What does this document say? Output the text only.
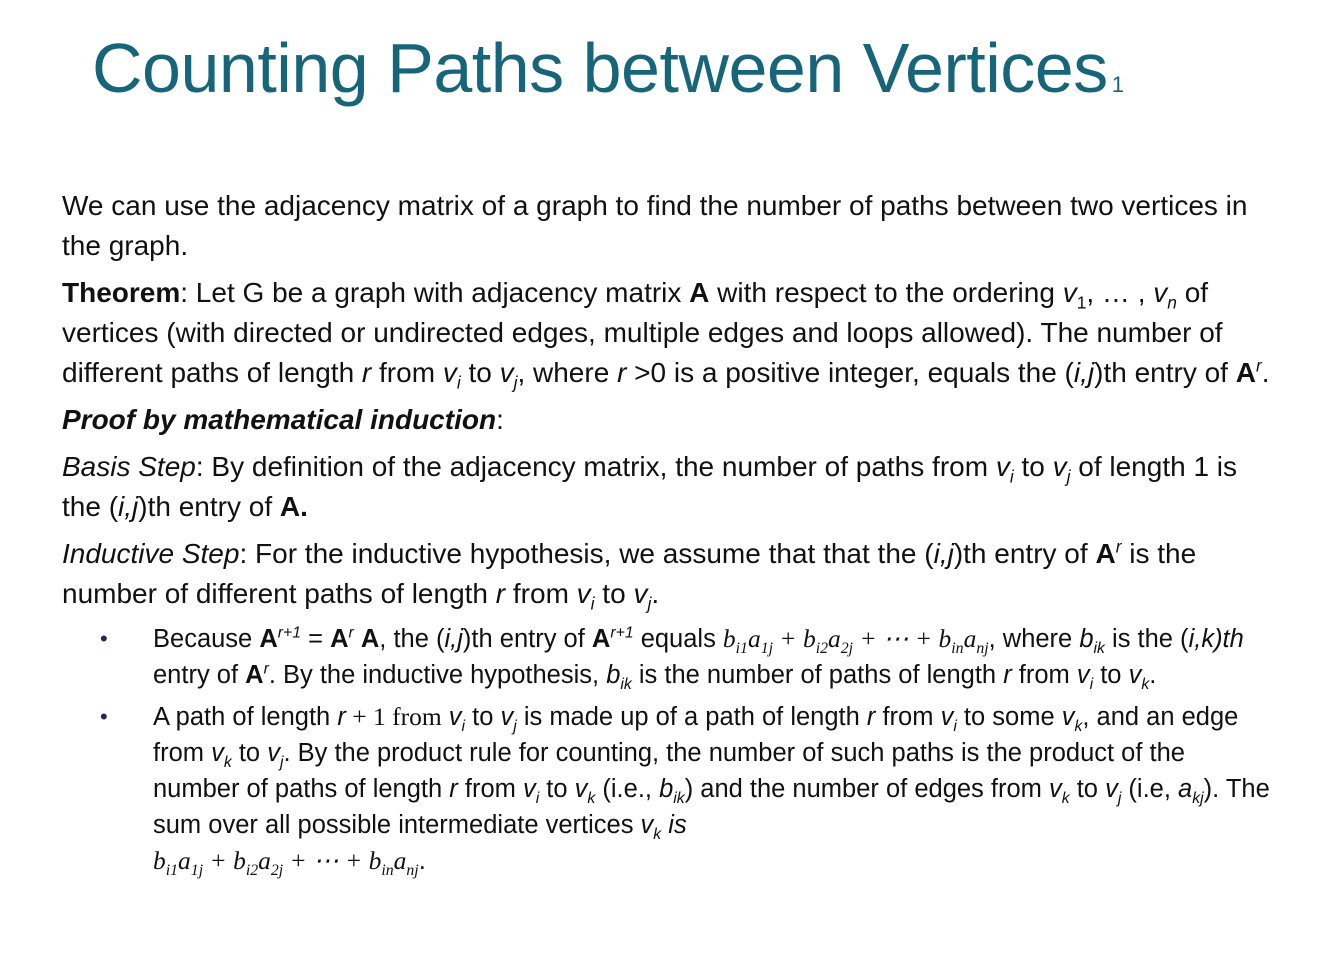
Counting Paths between Vertices 1

We can use the adjacency matrix of a graph to find the number of paths between two vertices in the graph.

Theorem: Let G be a graph with adjacency matrix A with respect to the ordering $v_1$, … , $v_n$ of vertices (with directed or undirected edges, multiple edges and loops allowed). The number of different paths of length r from $v_i$ to $v_j$, where r >0 is a positive integer, equals the (i,j)th entry of $A^r$.

Proof by mathematical induction:

Basis Step: By definition of the adjacency matrix, the number of paths from $v_i$ to $v_j$ of length 1 is the (i,j)th entry of A.

Inductive Step: For the inductive hypothesis, we assume that that the (i,j)th entry of $A^r$ is the number of different paths of length r from $v_i$ to $v_j$.

• Because $A^{r+1} = A^r$ A, the (i,j)th entry of $A^{r+1}$ equals $b_{i1}a_{1j} + b_{i2}a_{2j}$ + ⋯ + $b_{in}a_{nj}$, where $b_{ik}$ is the (i,k)th entry of $A^r$. By the inductive hypothesis, $b_{ik}$ is the number of paths of length r from $v_i$ to $v_k$.
• A path of length r + 1 from $v_i$ to $v_j$ is made up of a path of length r from $v_i$ to some $v_k$, and an edge from $v_k$ to $v_j$. By the product rule for counting, the number of such paths is the product of the number of paths of length r from $v_i$ to $v_k$ (i.e., $b_{ik}$) and the number of edges from $v_k$ to $v_j$ (i.e, $a_{kj}$). The sum over all possible intermediate vertices $v_k$ is
$b_{i1}a_{1j} + b_{i2}a_{2j}$ + ⋯ + $b_{in}a_{nj}$.
